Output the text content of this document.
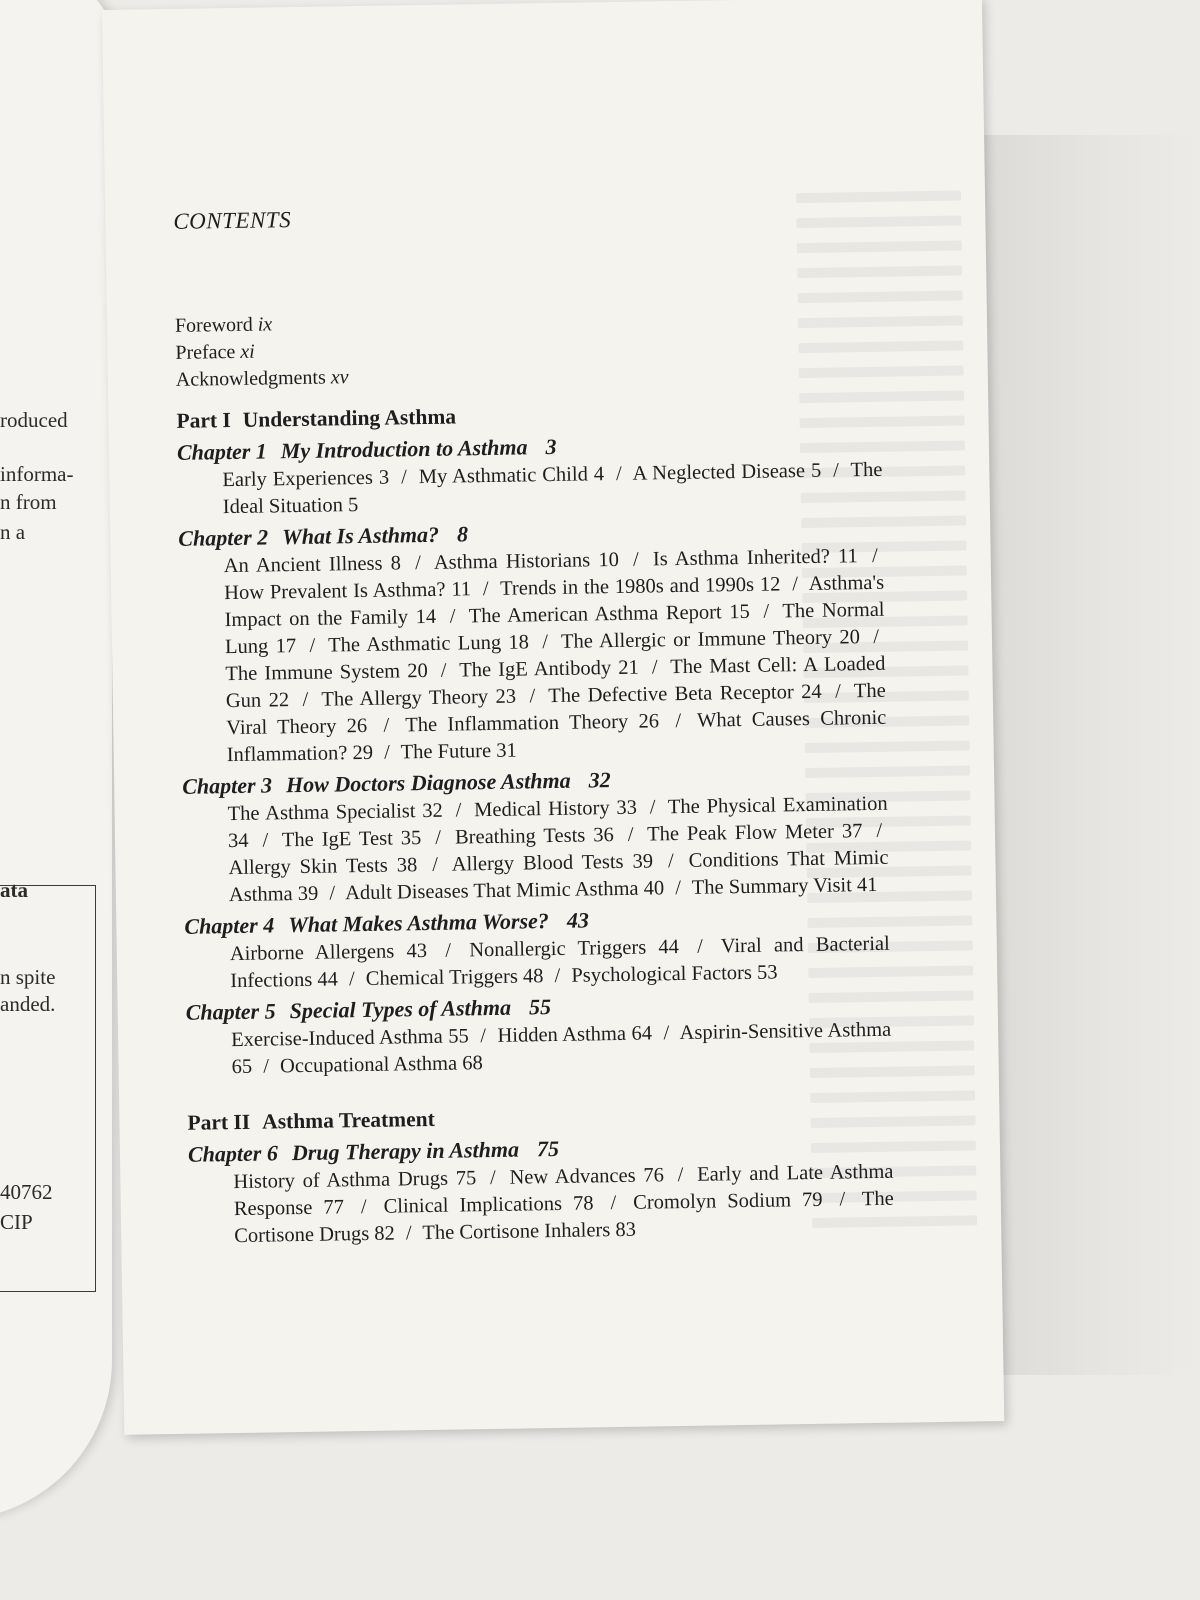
roduced
informa-
n from
n a
ata
n spite
anded.
40762
CIP
CONTENTS
Foreword ix
Preface xi
Acknowledgments xv
Part I Understanding Asthma
Chapter 1 My Introduction to Asthma 3
Early Experiences 3 / My Asthmatic Child 4 / A Neglected Disease 5 / The Ideal Situation 5
Chapter 2 What Is Asthma? 8
An Ancient Illness 8 / Asthma Historians 10 / Is Asthma Inherited? 11 / How Prevalent Is Asthma? 11 / Trends in the 1980s and 1990s 12 / Asthma's Impact on the Family 14 / The American Asthma Report 15 / The Normal Lung 17 / The Asthmatic Lung 18 / The Allergic or Immune Theory 20 / The Immune System 20 / The IgE Antibody 21 / The Mast Cell: A Loaded Gun 22 / The Allergy Theory 23 / The Defective Beta Receptor 24 / The Viral Theory 26 / The Inflammation Theory 26 / What Causes Chronic Inflammation? 29 / The Future 31
Chapter 3 How Doctors Diagnose Asthma 32
The Asthma Specialist 32 / Medical History 33 / The Physical Examination 34 / The IgE Test 35 / Breathing Tests 36 / The Peak Flow Meter 37 / Allergy Skin Tests 38 / Allergy Blood Tests 39 / Conditions That Mimic Asthma 39 / Adult Diseases That Mimic Asthma 40 / The Summary Visit 41
Chapter 4 What Makes Asthma Worse? 43
Airborne Allergens 43 / Nonallergic Triggers 44 / Viral and Bacterial Infections 44 / Chemical Triggers 48 / Psychological Factors 53
Chapter 5 Special Types of Asthma 55
Exercise-Induced Asthma 55 / Hidden Asthma 64 / Aspirin-Sensitive Asthma 65 / Occupational Asthma 68
Part II Asthma Treatment
Chapter 6 Drug Therapy in Asthma 75
History of Asthma Drugs 75 / New Advances 76 / Early and Late Asthma Response 77 / Clinical Implications 78 / Cromolyn Sodium 79 / The Cortisone Drugs 82 / The Cortisone Inhalers 83
